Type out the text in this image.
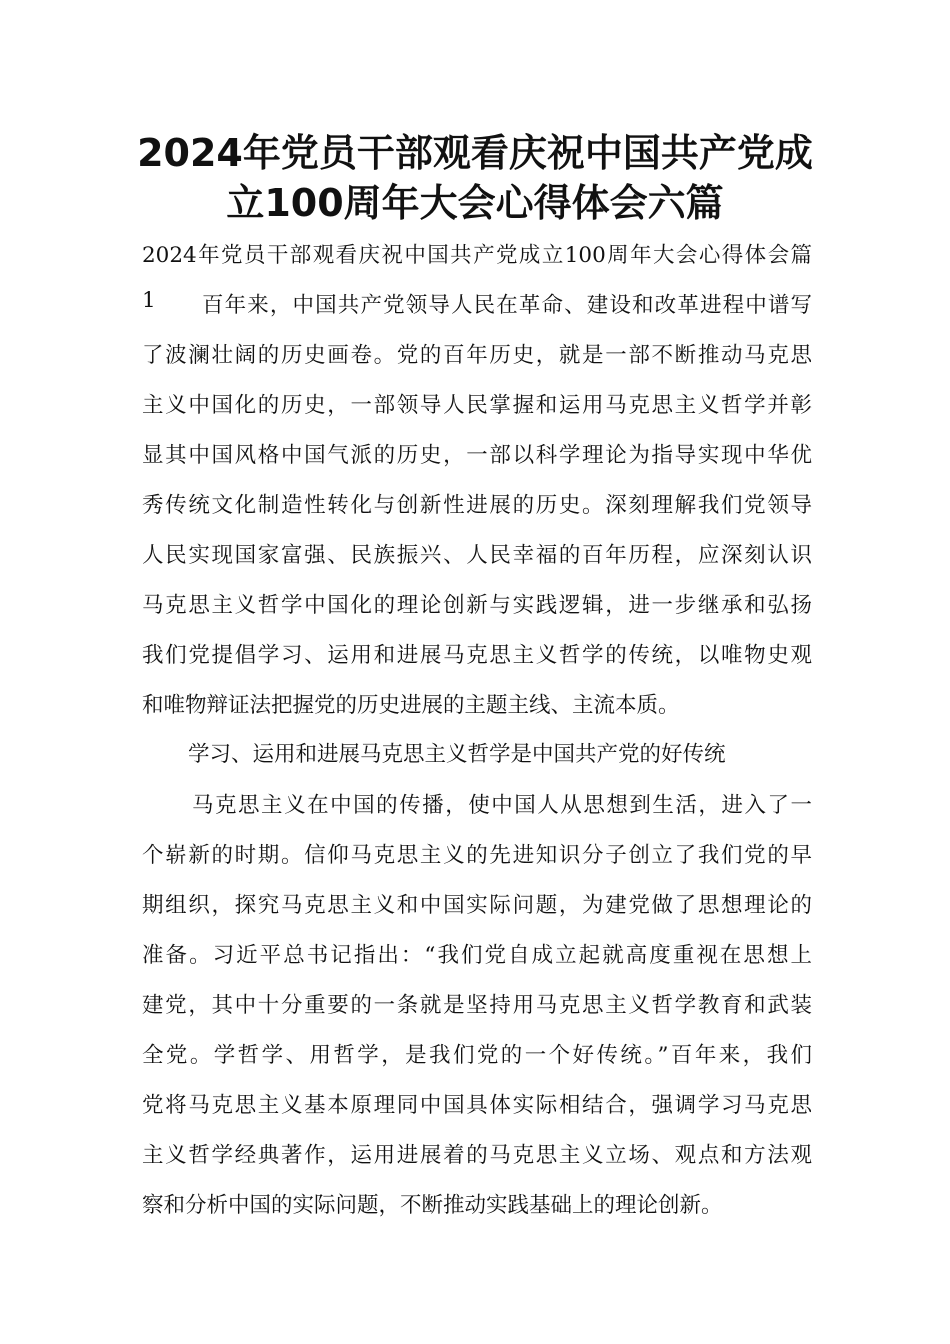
2024年党员干部观看庆祝中国共产党成
立100周年大会心得体会六篇
2024年党员干部观看庆祝中国共产党成立100周年大会心得体会篇
1 百年来，中国共产党领导人民在革命、建设和改革进程中谱写
了波澜壮阔的历史画卷。党的百年历史，就是一部不断推动马克思
主义中国化的历史，一部领导人民掌握和运用马克思主义哲学并彰
显其中国风格中国气派的历史，一部以科学理论为指导实现中华优
秀传统文化制造性转化与创新性进展的历史。深刻理解我们党领导
人民实现国家富强、民族振兴、人民幸福的百年历程，应深刻认识
马克思主义哲学中国化的理论创新与实践逻辑，进一步继承和弘扬
我们党提倡学习、运用和进展马克思主义哲学的传统，以唯物史观
和唯物辩证法把握党的历史进展的主题主线、主流本质。
学习、运用和进展马克思主义哲学是中国共产党的好传统
马克思主义在中国的传播，使中国人从思想到生活，进入了一
个崭新的时期。信仰马克思主义的先进知识分子创立了我们党的早
期组织，探究马克思主义和中国实际问题，为建党做了思想理论的
准备。习近平总书记指出：“我们党自成立起就高度重视在思想上
建党，其中十分重要的一条就是坚持用马克思主义哲学教育和武装
全党。学哲学、用哲学，是我们党的一个好传统。”百年来，我们
党将马克思主义基本原理同中国具体实际相结合，强调学习马克思
主义哲学经典著作，运用进展着的马克思主义立场、观点和方法观
察和分析中国的实际问题，不断推动实践基础上的理论创新。
